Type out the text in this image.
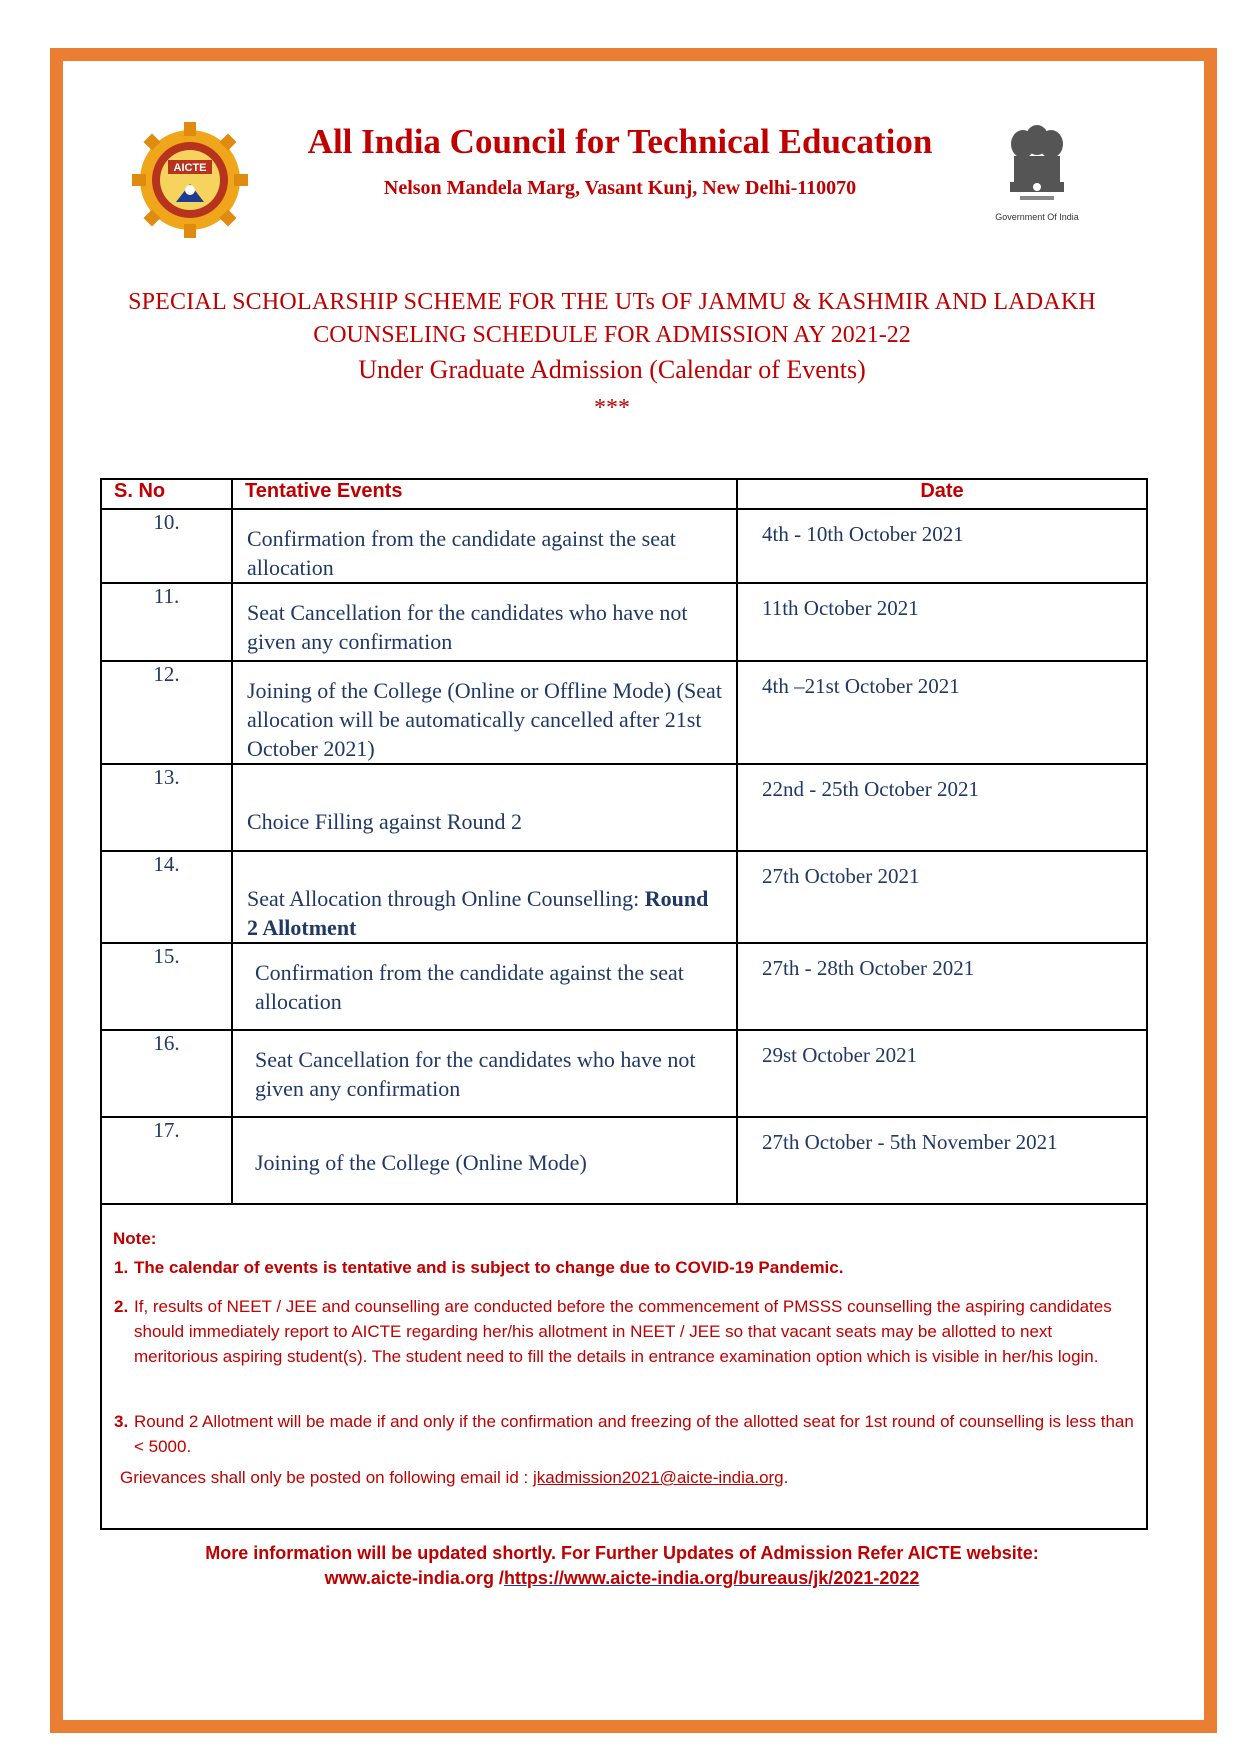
AICTE
All India Council for Technical Education
Nelson Mandela Marg, Vasant Kunj, New Delhi-110070
Government Of India
SPECIAL SCHOLARSHIP SCHEME FOR THE UTs OF JAMMU & KASHMIR AND LADAKH
COUNSELING SCHEDULE FOR ADMISSION AY 2021-22
Under Graduate Admission (Calendar of Events)
***
S. No	Tentative Events	Date
10.	Confirmation from the candidate against the seat allocation	4th - 10th October 2021

11.	Seat Cancellation for the candidates who have not given any confirmation	11th October 2021

12.	Joining of the College (Online or Offline Mode) (Seat allocation will be automatically cancelled after 21st October 2021)	4th –21st October 2021

13.	Choice Filling against Round 2	22nd - 25th October 2021

14.	Seat Allocation through Online Counselling: Round 2 Allotment	27th October 2021

15.	Confirmation from the candidate against the seat allocation	27th - 28th October 2021

16.	Seat Cancellation for the candidates who have not given any confirmation	29st October 2021

17.	Joining of the College (Online Mode)	27th October - 5th November 2021
Note:
1. The calendar of events is tentative and is subject to change due to COVID-19 Pandemic.
2. If, results of NEET / JEE and counselling are conducted before the commencement of PMSSS counselling the aspiring candidates should immediately report to AICTE regarding her/his allotment in NEET / JEE so that vacant seats may be allotted to next meritorious aspiring student(s). The student need to fill the details in entrance examination option which is visible in her/his login.
3. Round 2 Allotment will be made if and only if the confirmation and freezing of the allotted seat for 1st round of counselling is less than < 5000.
Grievances shall only be posted on following email id : jkadmission2021@aicte-india.org.
More information will be updated shortly. For Further Updates of Admission Refer AICTE website:
www.aicte-india.org /https://www.aicte-india.org/bureaus/jk/2021-2022
